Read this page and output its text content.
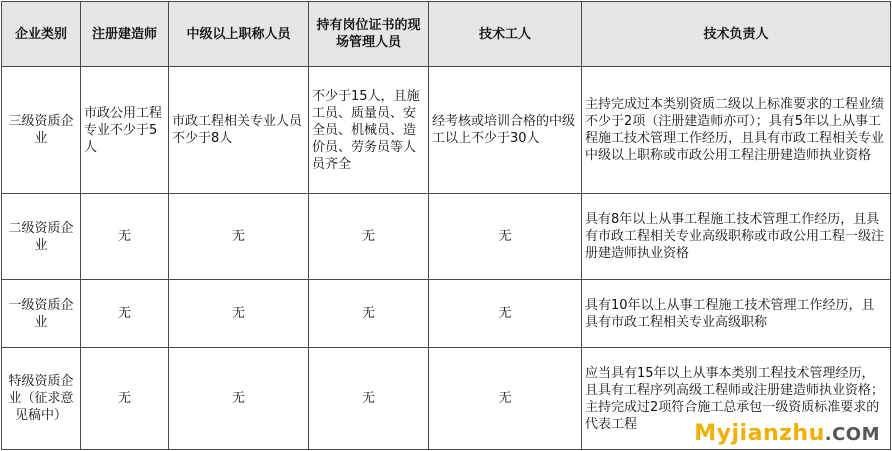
企业类别	注册建造师	中级以上职称人员	持有岗位证书的现场管理人员	技术工人	技术负责人
三级资质企业	市政公用工程专业不少于5人	市政工程相关专业人员不少于8人	不少于15人，且施工员、质量员、安全员、机械员、造价员、劳务员等人员齐全	经考核或培训合格的中级工以上不少于30人	主持完成过本类别资质二级以上标准要求的工程业绩不少于2项（注册建造师亦可）；具有5年以上从事工程施工技术管理工作经历，且具有市政工程相关专业中级以上职称或市政公用工程注册建造师执业资格
二级资质企业	无	无	无	无	具有8年以上从事工程施工技术管理工作经历，且具有市政工程相关专业高级职称或市政公用工程一级注册建造师执业资格
一级资质企业	无	无	无	无	具有10年以上从事工程施工技术管理工作经历，且具有市政工程相关专业高级职称
特级资质企业（征求意见稿中）	无	无	无	无	应当具有15年以上从事本类别工程技术管理经历，且具有工程序列高级工程师或注册建造师执业资格；主持完成过2项符合施工总承包一级资质标准要求的代表工程	Myjianzhu.COM
